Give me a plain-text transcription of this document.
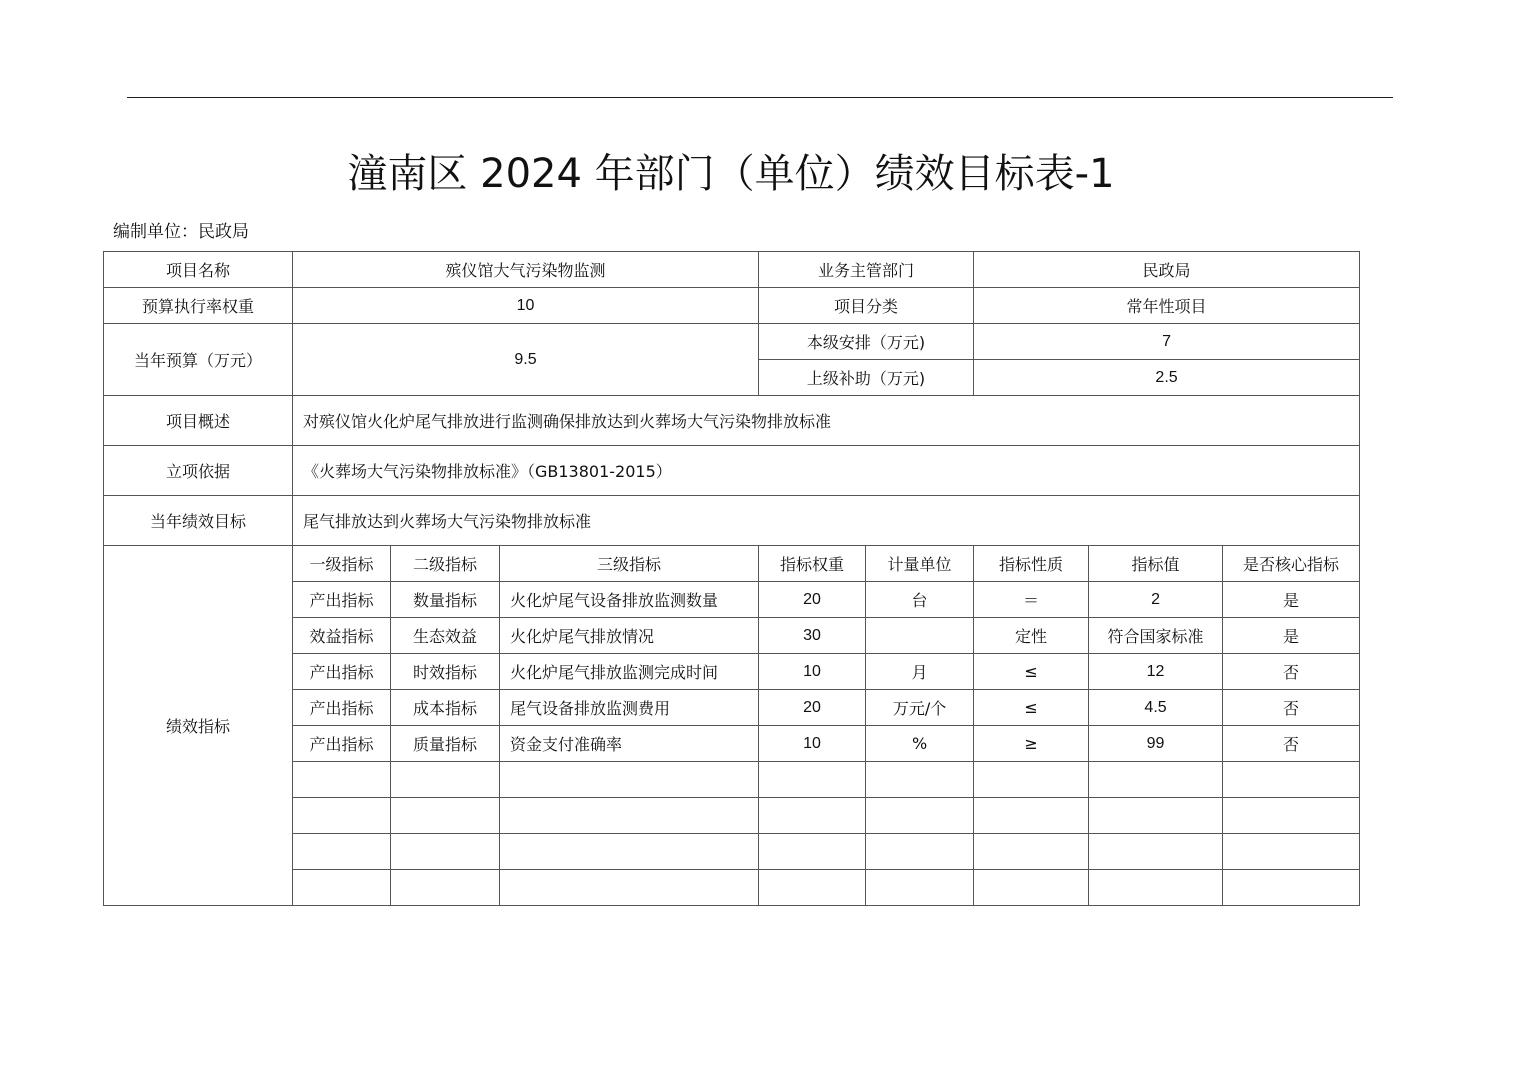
潼南区 2024 年部门（单位）绩效目标表-1
编制单位：民政局
项目名称	殡仪馆大气污染物监测			业务主管部门		民政局		
预算执行率权重	10			项目分类		常年性项目		
当年预算（万元）	9.5			本级安排（万元)		7		
				上级补助（万元)		2.5		
项目概述	对殡仪馆火化炉尾气排放进行监测确保排放达到火葬场大气污染物排放标准							
立项依据	《火葬场大气污染物排放标准》（GB13801-2015）							
当年绩效目标	尾气排放达到火葬场大气污染物排放标准							
绩效指标	一级指标	二级指标	三级指标	指标权重	计量单位	指标性质	指标值	是否核心指标
	产出指标	数量指标	火化炉尾气设备排放监测数量	20	台	＝	2	是
	效益指标	生态效益	火化炉尾气排放情况	30		定性	符合国家标准	是
	产出指标	时效指标	火化炉尾气排放监测完成时间	10	月	≤	12	否
	产出指标	成本指标	尾气设备排放监测费用	20	万元/个	≤	4.5	否
	产出指标	质量指标	资金支付准确率	10	%	≥	99	否
